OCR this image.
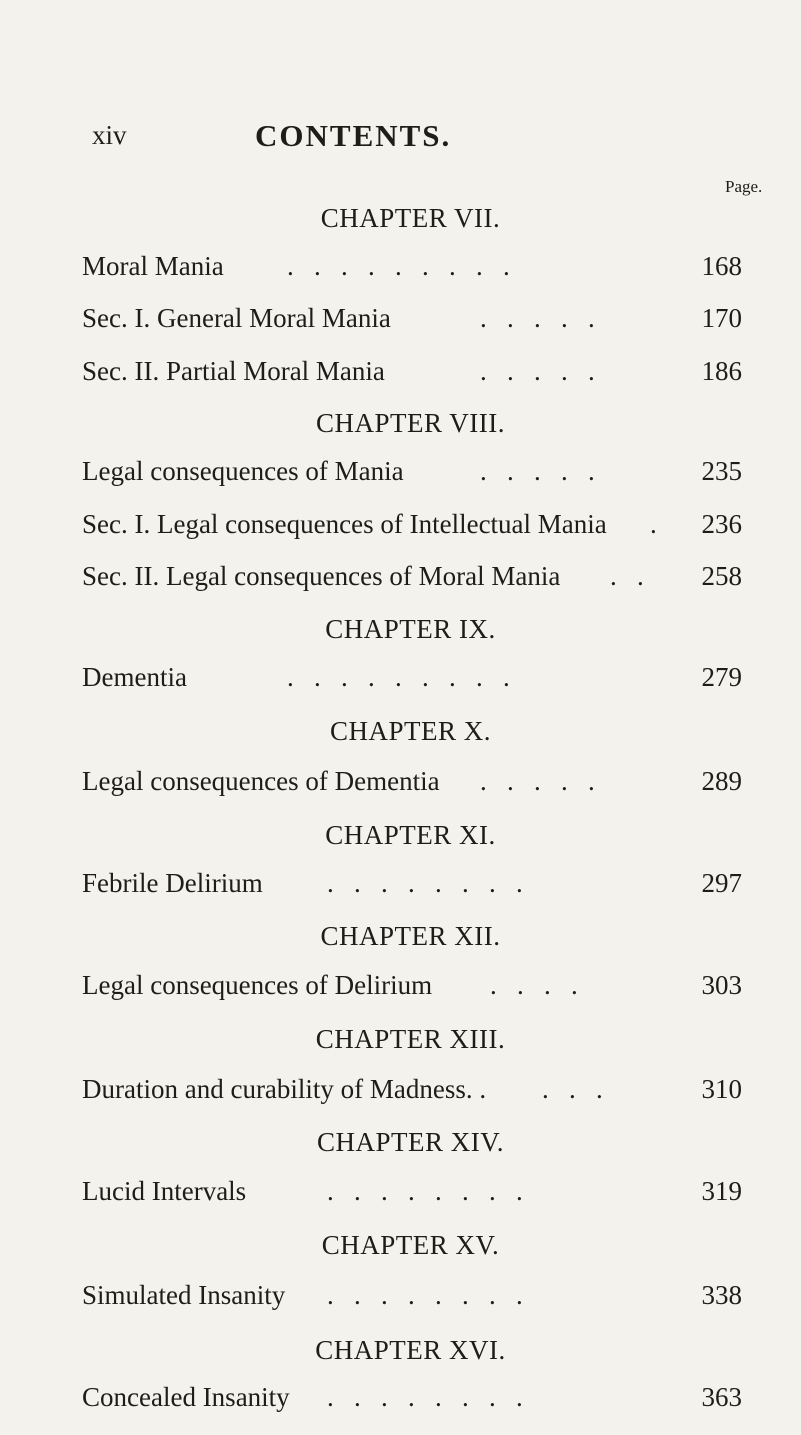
xiv	CONTENTS.
Page.
CHAPTER VII.
Moral Mania .   .   .   .   .   .   .   .   .	168
Sec. I. General Moral Mania	.   .   .   .   .	170
Sec. II. Partial Moral Mania	.   .   .   .   .	186
CHAPTER VIII.
Legal consequences of Mania	.   .   .   .   .	235
Sec. I. Legal consequences of Intellectual Mania .	236
Sec. II. Legal consequences of Moral Mania .   .	258
CHAPTER IX.
Dementia	.   .   .   .   .   .   .   .   .	279
CHAPTER X.
Legal consequences of Dementia .   .   .   .   .	289
CHAPTER XI.
Febrile Delirium .   .   .   .   .   .   .   .	297
CHAPTER XII.
Legal consequences of Delirium .   .   .   .	303
CHAPTER XIII.
Duration and curability of Madness. . .   .   .	310
CHAPTER XIV.
Lucid Intervals	.   .   .   .   .   .   .   .	319
CHAPTER XV.
Simulated Insanity .   .   .   .   .   .   .   .	338
CHAPTER XVI.
Concealed Insanity .   .   .   .   .   .   .   .	363
